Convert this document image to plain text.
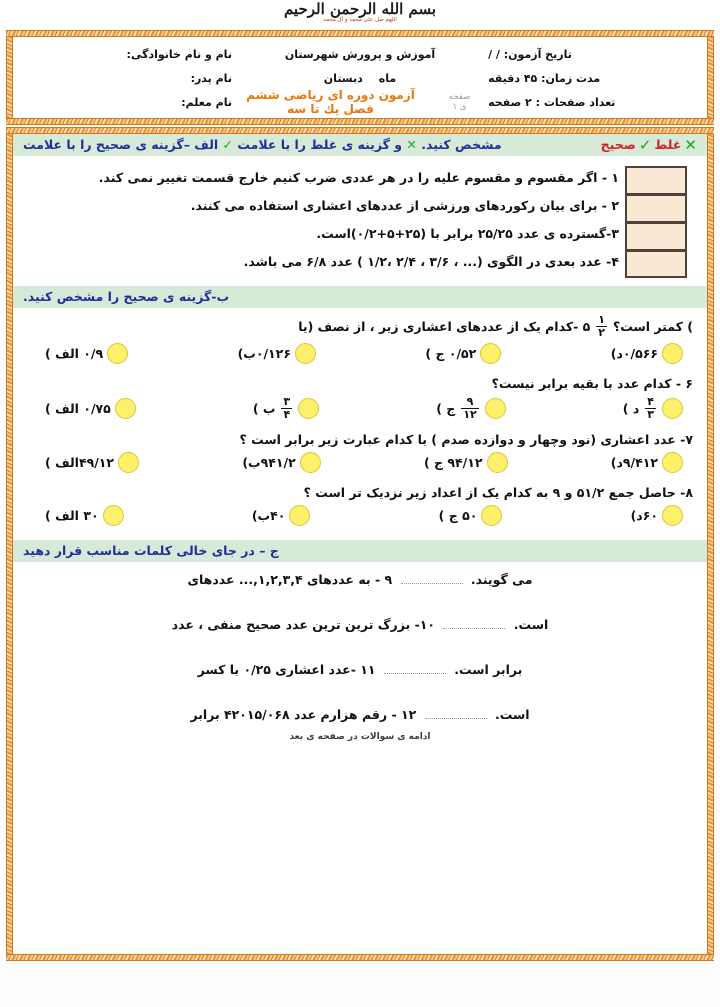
بسم الله الرحمن الرحیم
اللهم صل علی محمد و آل محمد
تاریخ آزمون: / /
آموزش و پرورش شهرستان
نام و نام خانوادگی:
مدت زمان: ۴۵ دقیقه
ماه
دبستان
نام پدر:
تعداد صفحات : ۲ صفحه
صفحه ی ۱
آزمون دوره ای ریاضی ششم فصل یك تا سه
نام معلم:
✕
غلط
✓
صحیح
مشخص کنید. ✕ و گزینه ی غلط را با علامت ✓ الف –گزینه ی صحیح را با علامت
۱ - اگر مقسوم و مقسوم علیه را در هر عددی ضرب کنیم خارج قسمت تغییر نمی کند.
۲ - برای بیان رکوردهای ورزشی از عددهای اعشاری استفاده می کنند.
۳-گسترده ی عدد ۲۵/۲۵ برابر با (۲۵+۵+۰/۲)است.
۴- عدد بعدی در الگوی (... ، ۳/۶ ، ۲/۴ ،۱/۲ ) عدد ۶/۸ می باشد.
ب-گزینه ی صحیح را مشخص کنید.
) کمتر است؟
$\frac{۱}{۲}$
۵ -کدام یک از عددهای اعشاری زیر ، از نصف (یا
۰/۵۶۶د)
۰/۵۲ ج )
۰/۱۲۶ب)
۰/۹ الف )
۶ - کدام عدد با بقیه برابر نیست؟
$\frac{۴}{۳}$
د )
$\frac{۹}{۱۲}$
ج )
$\frac{۳}{۴}$
ب )
۰/۷۵ الف )
۷- عدد اعشاری (نود وچهار و دوازده صدم ) با کدام عبارت زیر برابر است ؟
۹/۴۱۲د)
۹۴/۱۲ ج )
۹۴۱/۲ب)
۴۹/۱۲الف )
۸- حاصل جمع ۵۱/۲ و ۹ به کدام یک از اعداد زیر نزدیک تر است ؟
۶۰د)
۵۰ ج )
۴۰ب)
۳۰ الف )
ج – در جای خالی کلمات مناسب قرار دهید
می گویند.  ۹ - به عددهای ۱,۲,۳,۴,... عددهای
است.  ۱۰- بزرگ ترین ترین عدد صحیح منفی ، عدد
برابر است.  ۱۱ -عدد اعشاری ۰/۲۵ با کسر
است.  ۱۲ - رقم هزارم عدد ۴۲۰۱۵/۰۶۸ برابر
ادامه ی سوالات در صفحه ی بعد
